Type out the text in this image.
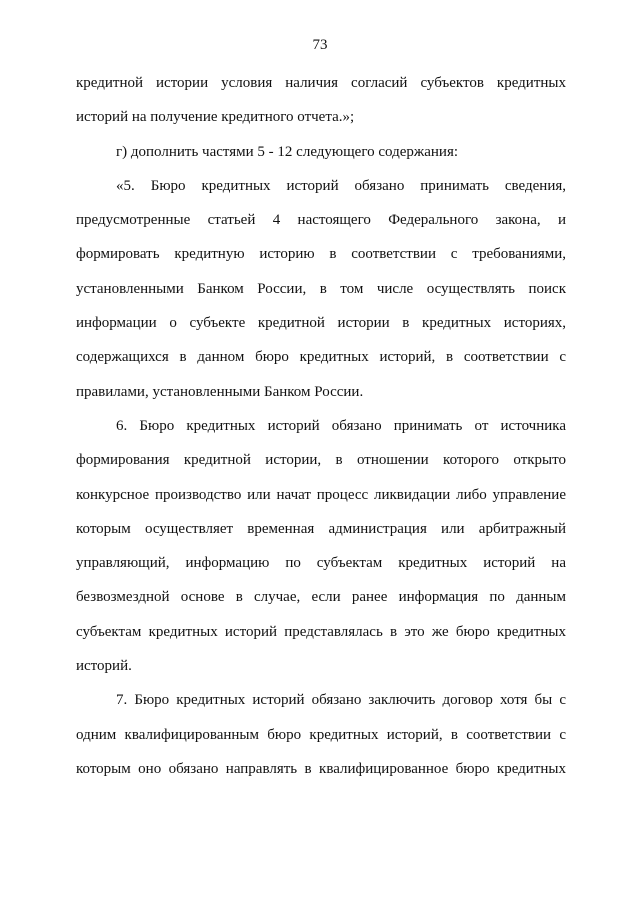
73
кредитной истории условия наличия согласий субъектов кредитных
историй на получение кредитного отчета.»;
г) дополнить частями 5 - 12 следующего содержания:
«5. Бюро кредитных историй обязано принимать сведения,
предусмотренные статьей 4 настоящего Федерального закона, и
формировать кредитную историю в соответствии с требованиями,
установленными Банком России, в том числе осуществлять поиск
информации о субъекте кредитной истории в кредитных историях,
содержащихся в данном бюро кредитных историй, в соответствии с
правилами, установленными Банком России.
6. Бюро кредитных историй обязано принимать от источника
формирования кредитной истории, в отношении которого открыто
конкурсное производство или начат процесс ликвидации либо управление
которым осуществляет временная администрация или арбитражный
управляющий, информацию по субъектам кредитных историй на
безвозмездной основе в случае, если ранее информация по данным
субъектам кредитных историй представлялась в это же бюро кредитных
историй.
7. Бюро кредитных историй обязано заключить договор хотя бы с
одним квалифицированным бюро кредитных историй, в соответствии с
которым оно обязано направлять в квалифицированное бюро кредитных
